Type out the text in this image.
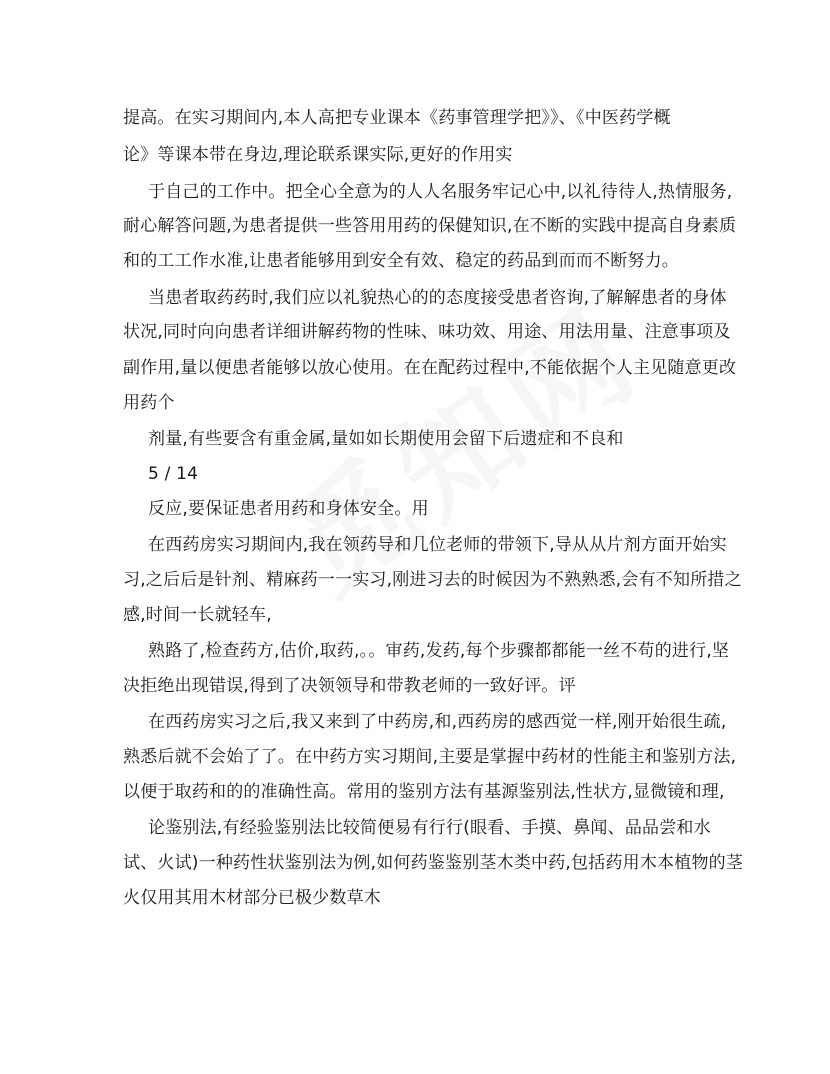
提高。在实习期间内,本人高把专业课本《药事管理学把》》、《中医药学概
论》等课本带在身边,理论联系课实际,更好的作用实
于自己的工作中。把全心全意为的人人名服务牢记心中,以礼待待人,热情服务,
耐心解答问题,为患者提供一些答用用药的保健知识,在不断的实践中提高自身素质
和的工工作水准,让患者能够用到安全有效、稳定的药品到而而不断努力。
当患者取药药时,我们应以礼貌热心的的态度接受患者咨询,了解解患者的身体
状况,同时向向患者详细讲解药物的性味、味功效、用途、用法用量、注意事项及
副作用,量以便患者能够以放心使用。在在配药过程中,不能依据个人主见随意更改
用药个
剂量,有些要含有重金属,量如如长期使用会留下后遗症和不良和
5 / 14
反应,要保证患者用药和身体安全。用
在西药房实习期间内,我在领药导和几位老师的带领下,导从从片剂方面开始实
习,之后后是针剂、精麻药一一实习,刚进习去的时候因为不熟熟悉,会有不知所措之
感,时间一长就轻车,
熟路了,检查药方,估价,取药,。。审药,发药,每个步骤都都能一丝不苟的进行,坚
决拒绝出现错误,得到了决领领导和带教老师的一致好评。评
在西药房实习之后,我又来到了中药房,和,西药房的感西觉一样,刚开始很生疏,
熟悉后就不会始了了。在中药方实习期间,主要是掌握中药材的性能主和鉴别方法,
以便于取药和的的准确性高。常用的鉴别方法有基源鉴别法,性状方,显微镜和理,
论鉴别法,有经验鉴别法比较简便易有行行(眼看、手摸、鼻闻、品品尝和水
试、火试)一种药性状鉴别法为例,如何药鉴鉴别茎木类中药,包括药用木本植物的茎
火仅用其用木材部分已极少数草木
